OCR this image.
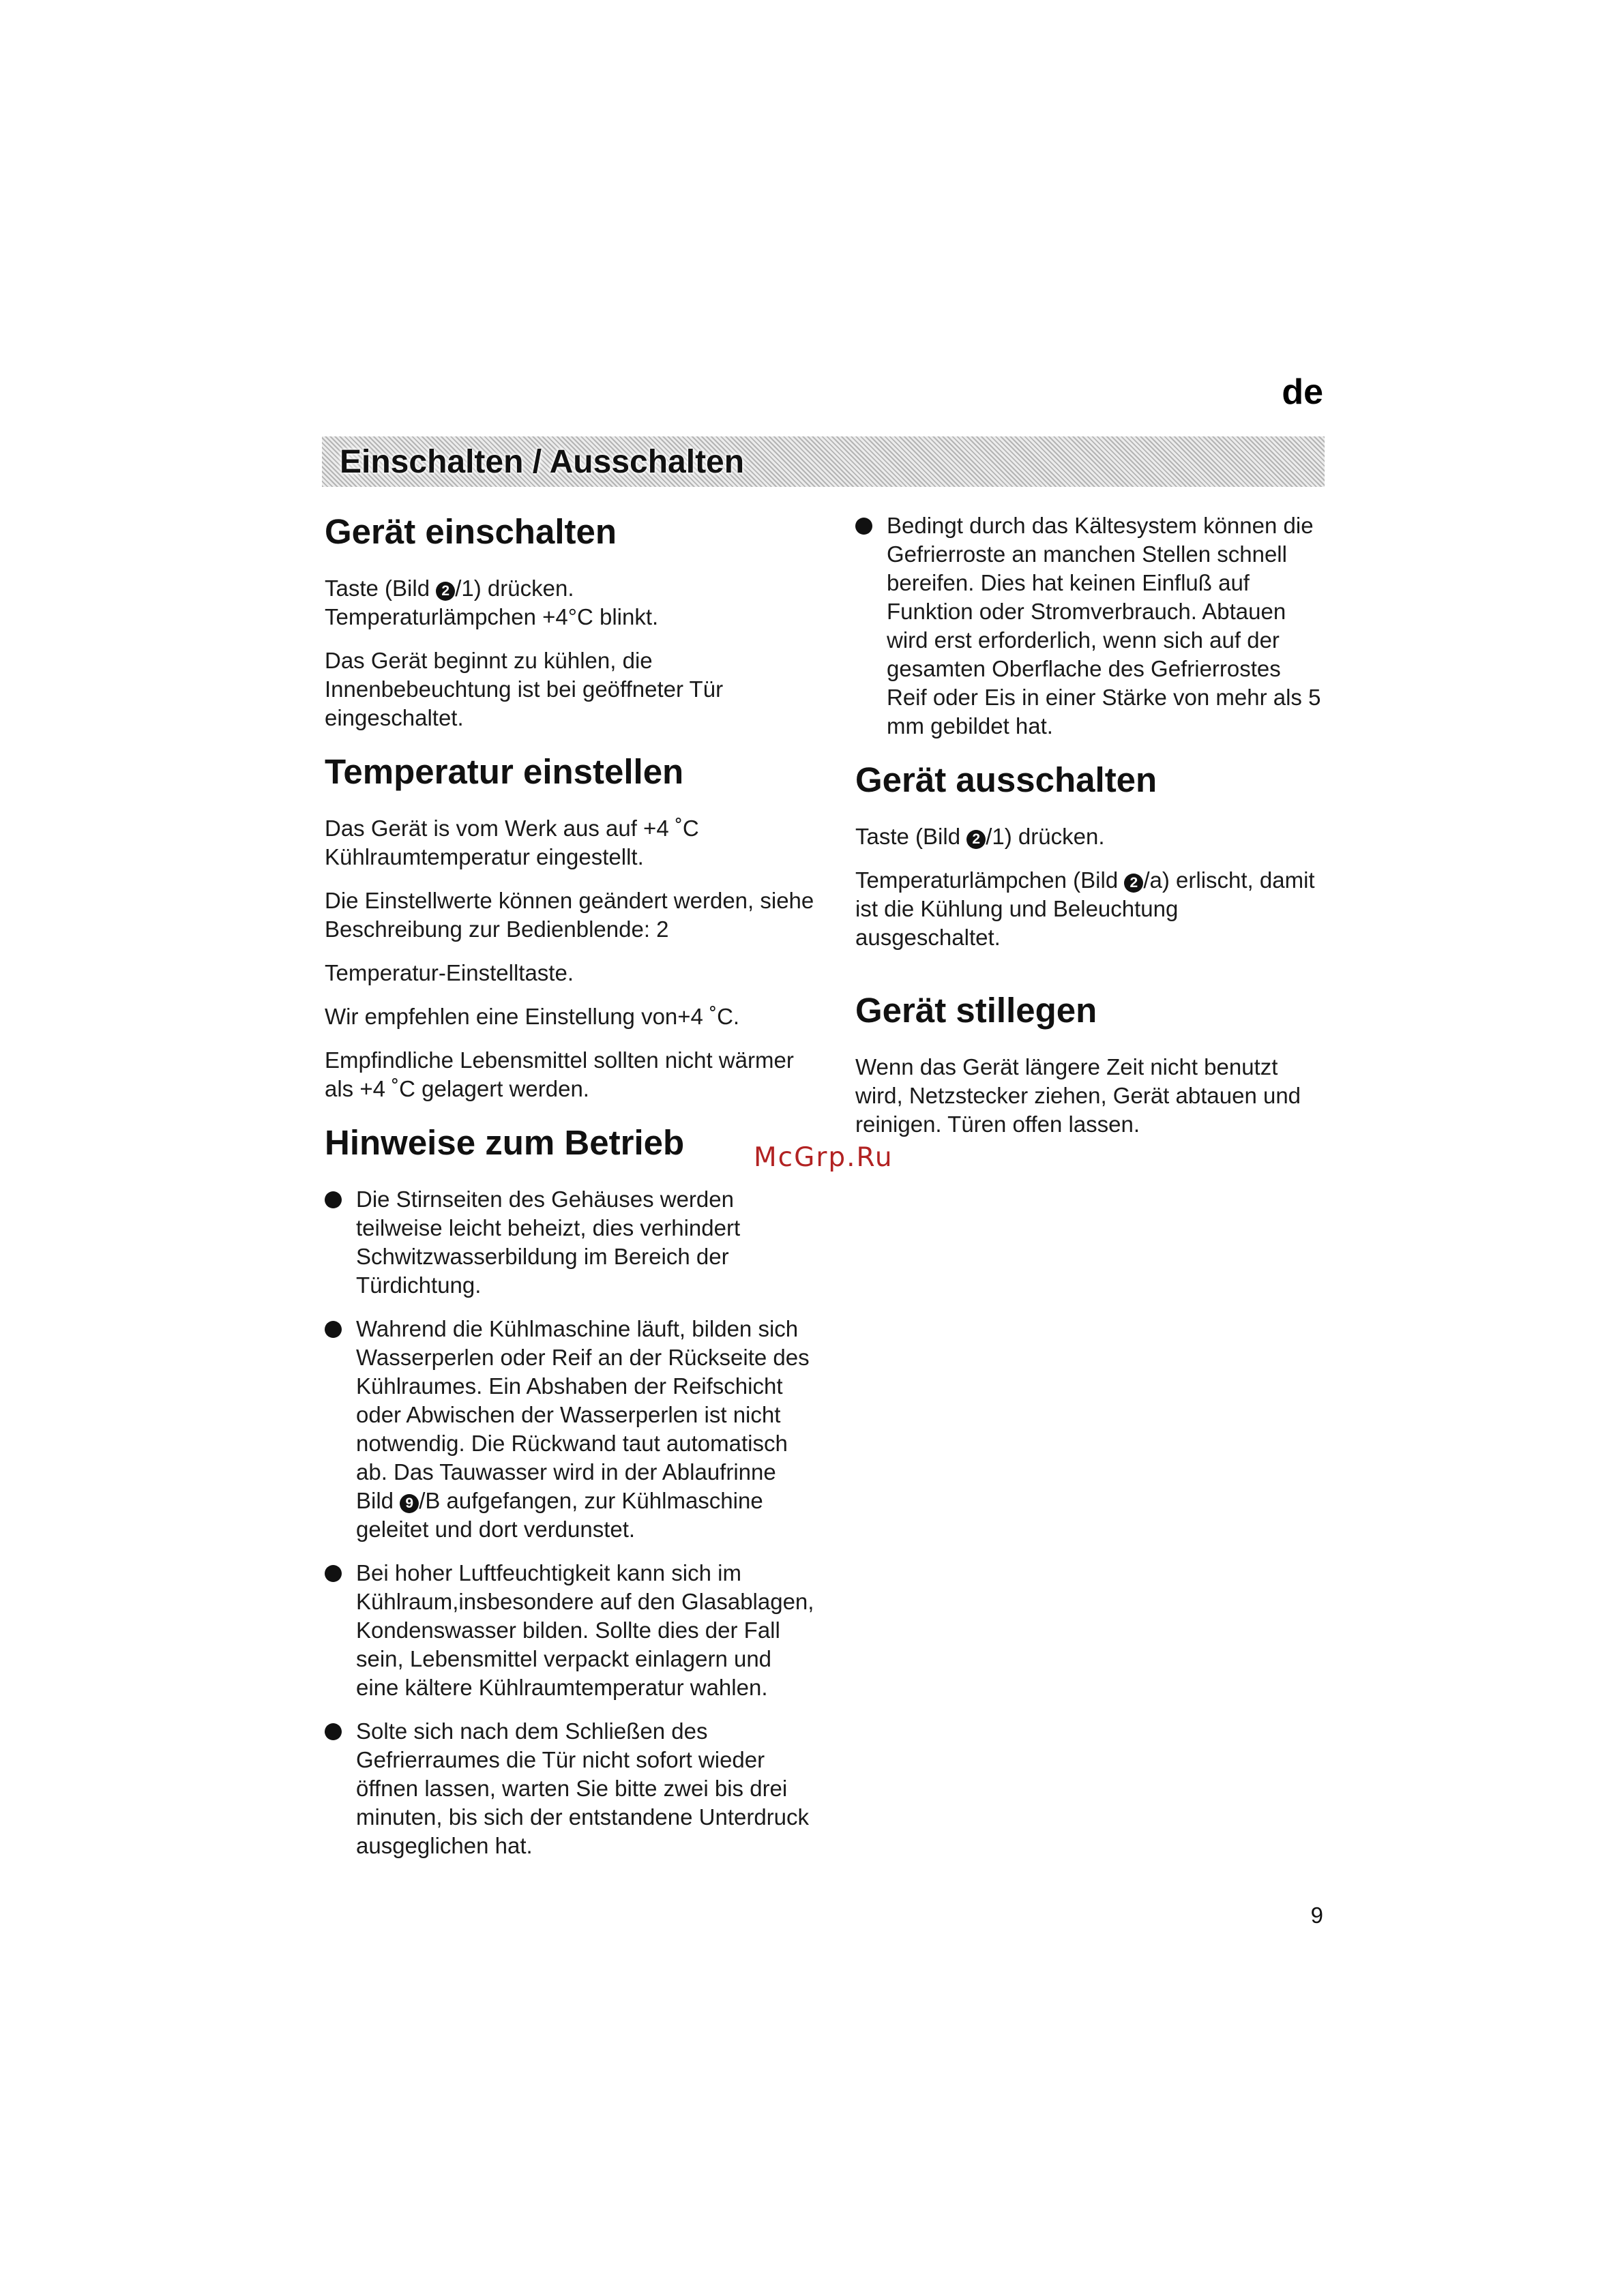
de
Einschalten / Ausschalten
Gerät einschalten

Taste (Bild 2 /1) drücken.
Temperaturlämpchen +4°C blinkt.

Das Gerät beginnt zu kühlen, die Innenbebeuchtung ist bei geöffneter Tür eingeschaltet.

Temperatur einstellen

Das Gerät is vom Werk aus auf +4 ˚C Kühlraumtemperatur eingestellt.

Die Einstellwerte können geändert werden, siehe Beschreibung zur Bedienblende: 2

Temperatur-Einstelltaste.

Wir empfehlen eine Einstellung von+4 ˚C.

Empfindliche Lebensmittel sollten nicht wärmer als +4 ˚C gelagert werden.

Hinweise zum Betrieb
Die Stirnseiten des Gehäuses werden teilweise leicht beheizt, dies verhindert Schwitzwasserbildung im Bereich der Türdichtung.
Wahrend die Kühlmaschine läuft, bilden sich Wasserperlen oder Reif an der Rückseite des Kühlraumes. Ein Abshaben der Reifschicht oder Abwischen der Wasserperlen ist nicht notwendig. Die Rückwand taut automatisch ab. Das Tauwasser wird in der Ablaufrinne Bild 9 /B aufgefangen, zur Kühlmaschine geleitet und dort verdunstet.
Bei hoher Luftfeuchtigkeit kann sich im Kühlraum,insbesondere auf den Glasablagen, Kondenswasser bilden. Sollte dies der Fall sein, Lebensmittel verpackt einlagern und eine kältere Kühlraumtemperatur wahlen.
Solte sich nach dem Schließen des Gefrierraumes die Tür nicht sofort wieder öffnen lassen, warten Sie bitte zwei bis drei minuten, bis sich der entstandene Unterdruck ausgeglichen hat.
Bedingt durch das Kältesystem können die Gefrierroste an manchen Stellen schnell bereifen. Dies hat keinen Einfluß auf Funktion oder Stromverbrauch. Abtauen wird erst erforderlich, wenn sich auf der gesamten Oberflache des Gefrierrostes Reif oder Eis in einer Stärke von mehr als 5 mm gebildet hat.
Gerät ausschalten

Taste (Bild 2 /1) drücken.

Temperaturlämpchen (Bild 2 /a) erlischt, damit ist die Kühlung und Beleuchtung ausgeschaltet.

Gerät stillegen

Wenn das Gerät längere Zeit nicht benutzt wird, Netzstecker ziehen, Gerät abtauen und reinigen. Türen offen lassen.

McGrp.Ru
9
